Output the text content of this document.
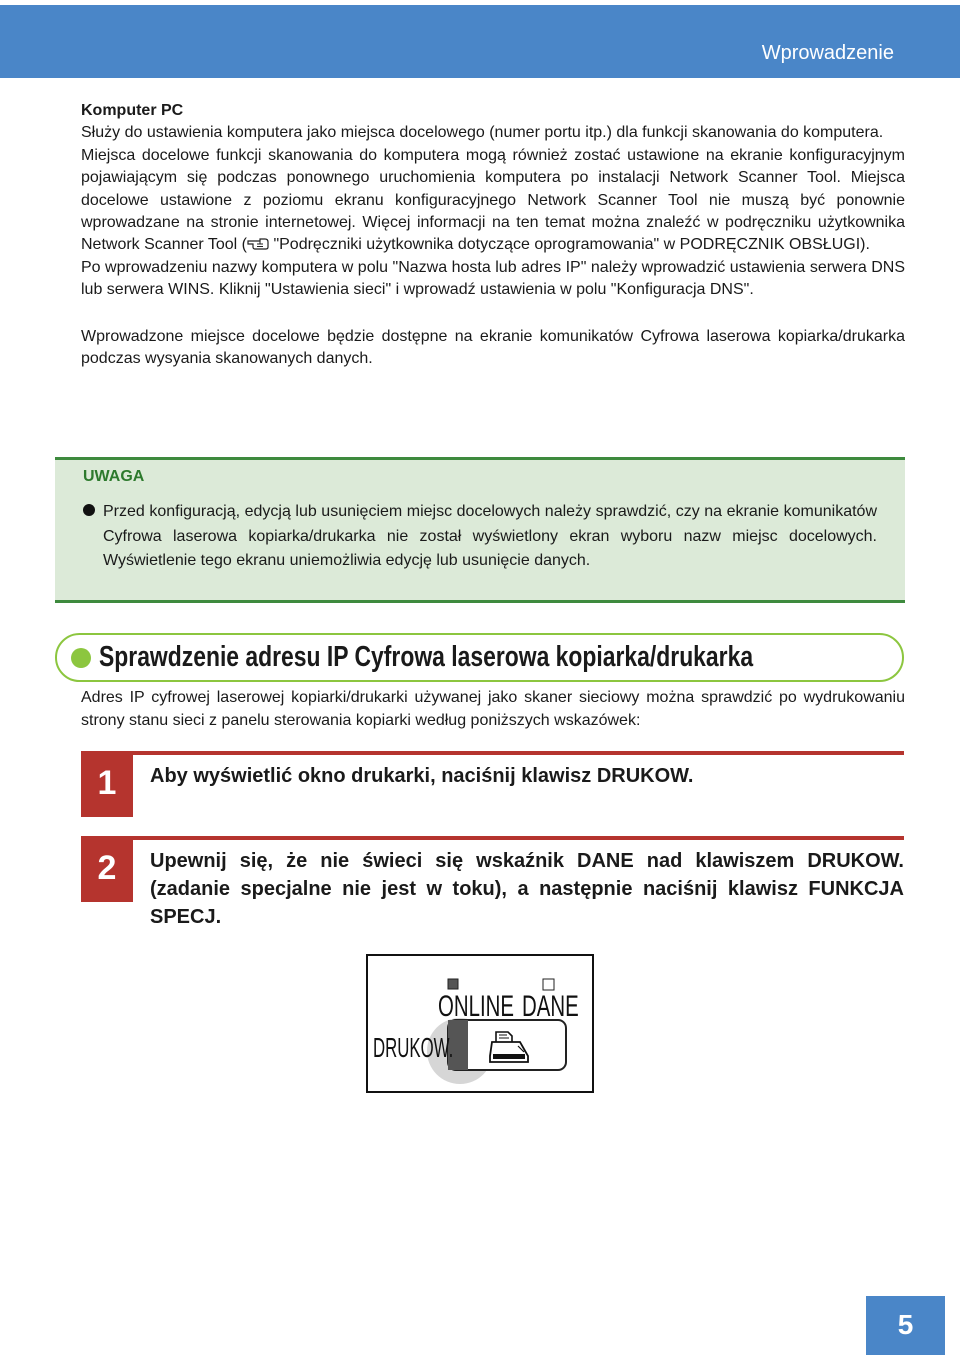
Wprowadzenie

Komputer PC

Służy do ustawienia komputera jako miejsca docelowego (numer portu itp.) dla funkcji skanowania do komputera.

Miejsca docelowe funkcji skanowania do komputera mogą również zostać ustawione na ekranie konfiguracyjnym pojawiającym się podczas ponownego uruchomienia komputera po instalacji Network Scanner Tool. Miejsca docelowe ustawione z poziomu ekranu konfiguracyjnego Network Scanner Tool nie muszą być ponownie wprowadzane na stronie internetowej. Więcej informacji na ten temat można znaleźć w podręczniku użytkownika Network Scanner Tool ( "Podręczniki użytkownika dotyczące oprogramowania" w PODRĘCZNIK OBSŁUGI).

Po wprowadzeniu nazwy komputera w polu "Nazwa hosta lub adres IP" należy wprowadzić ustawienia serwera DNS lub serwera WINS. Kliknij "Ustawienia sieci" i wprowadź ustawienia w polu "Konfiguracja DNS".

Wprowadzone miejsce docelowe będzie dostępne na ekranie komunikatów Cyfrowa laserowa kopiarka/drukarka podczas wysyania skanowanych danych.

UWAGA
Przed konfiguracją, edycją lub usunięciem miejsc docelowych należy sprawdzić, czy na ekranie komunikatów Cyfrowa laserowa kopiarka/drukarka nie został wyświetlony ekran wyboru nazw miejsc docelowych. Wyświetlenie tego ekranu uniemożliwia edycję lub usunięcie danych.
Sprawdzenie adresu IP Cyfrowa laserowa kopiarka/drukarka
Adres IP cyfrowej laserowej kopiarki/drukarki używanej jako skaner sieciowy można sprawdzić po wydrukowaniu strony stanu sieci z panelu sterowania kopiarki według poniższych wskazówek:
1	Aby wyświetlić okno drukarki, naciśnij klawisz DRUKOW.
2	Upewnij się, że nie świeci się wskaźnik DANE nad klawiszem DRUKOW. (zadanie specjalne nie jest w toku), a następnie naciśnij klawisz FUNKCJA SPECJ.
ONLINE DANE
DRUKOW.
5
